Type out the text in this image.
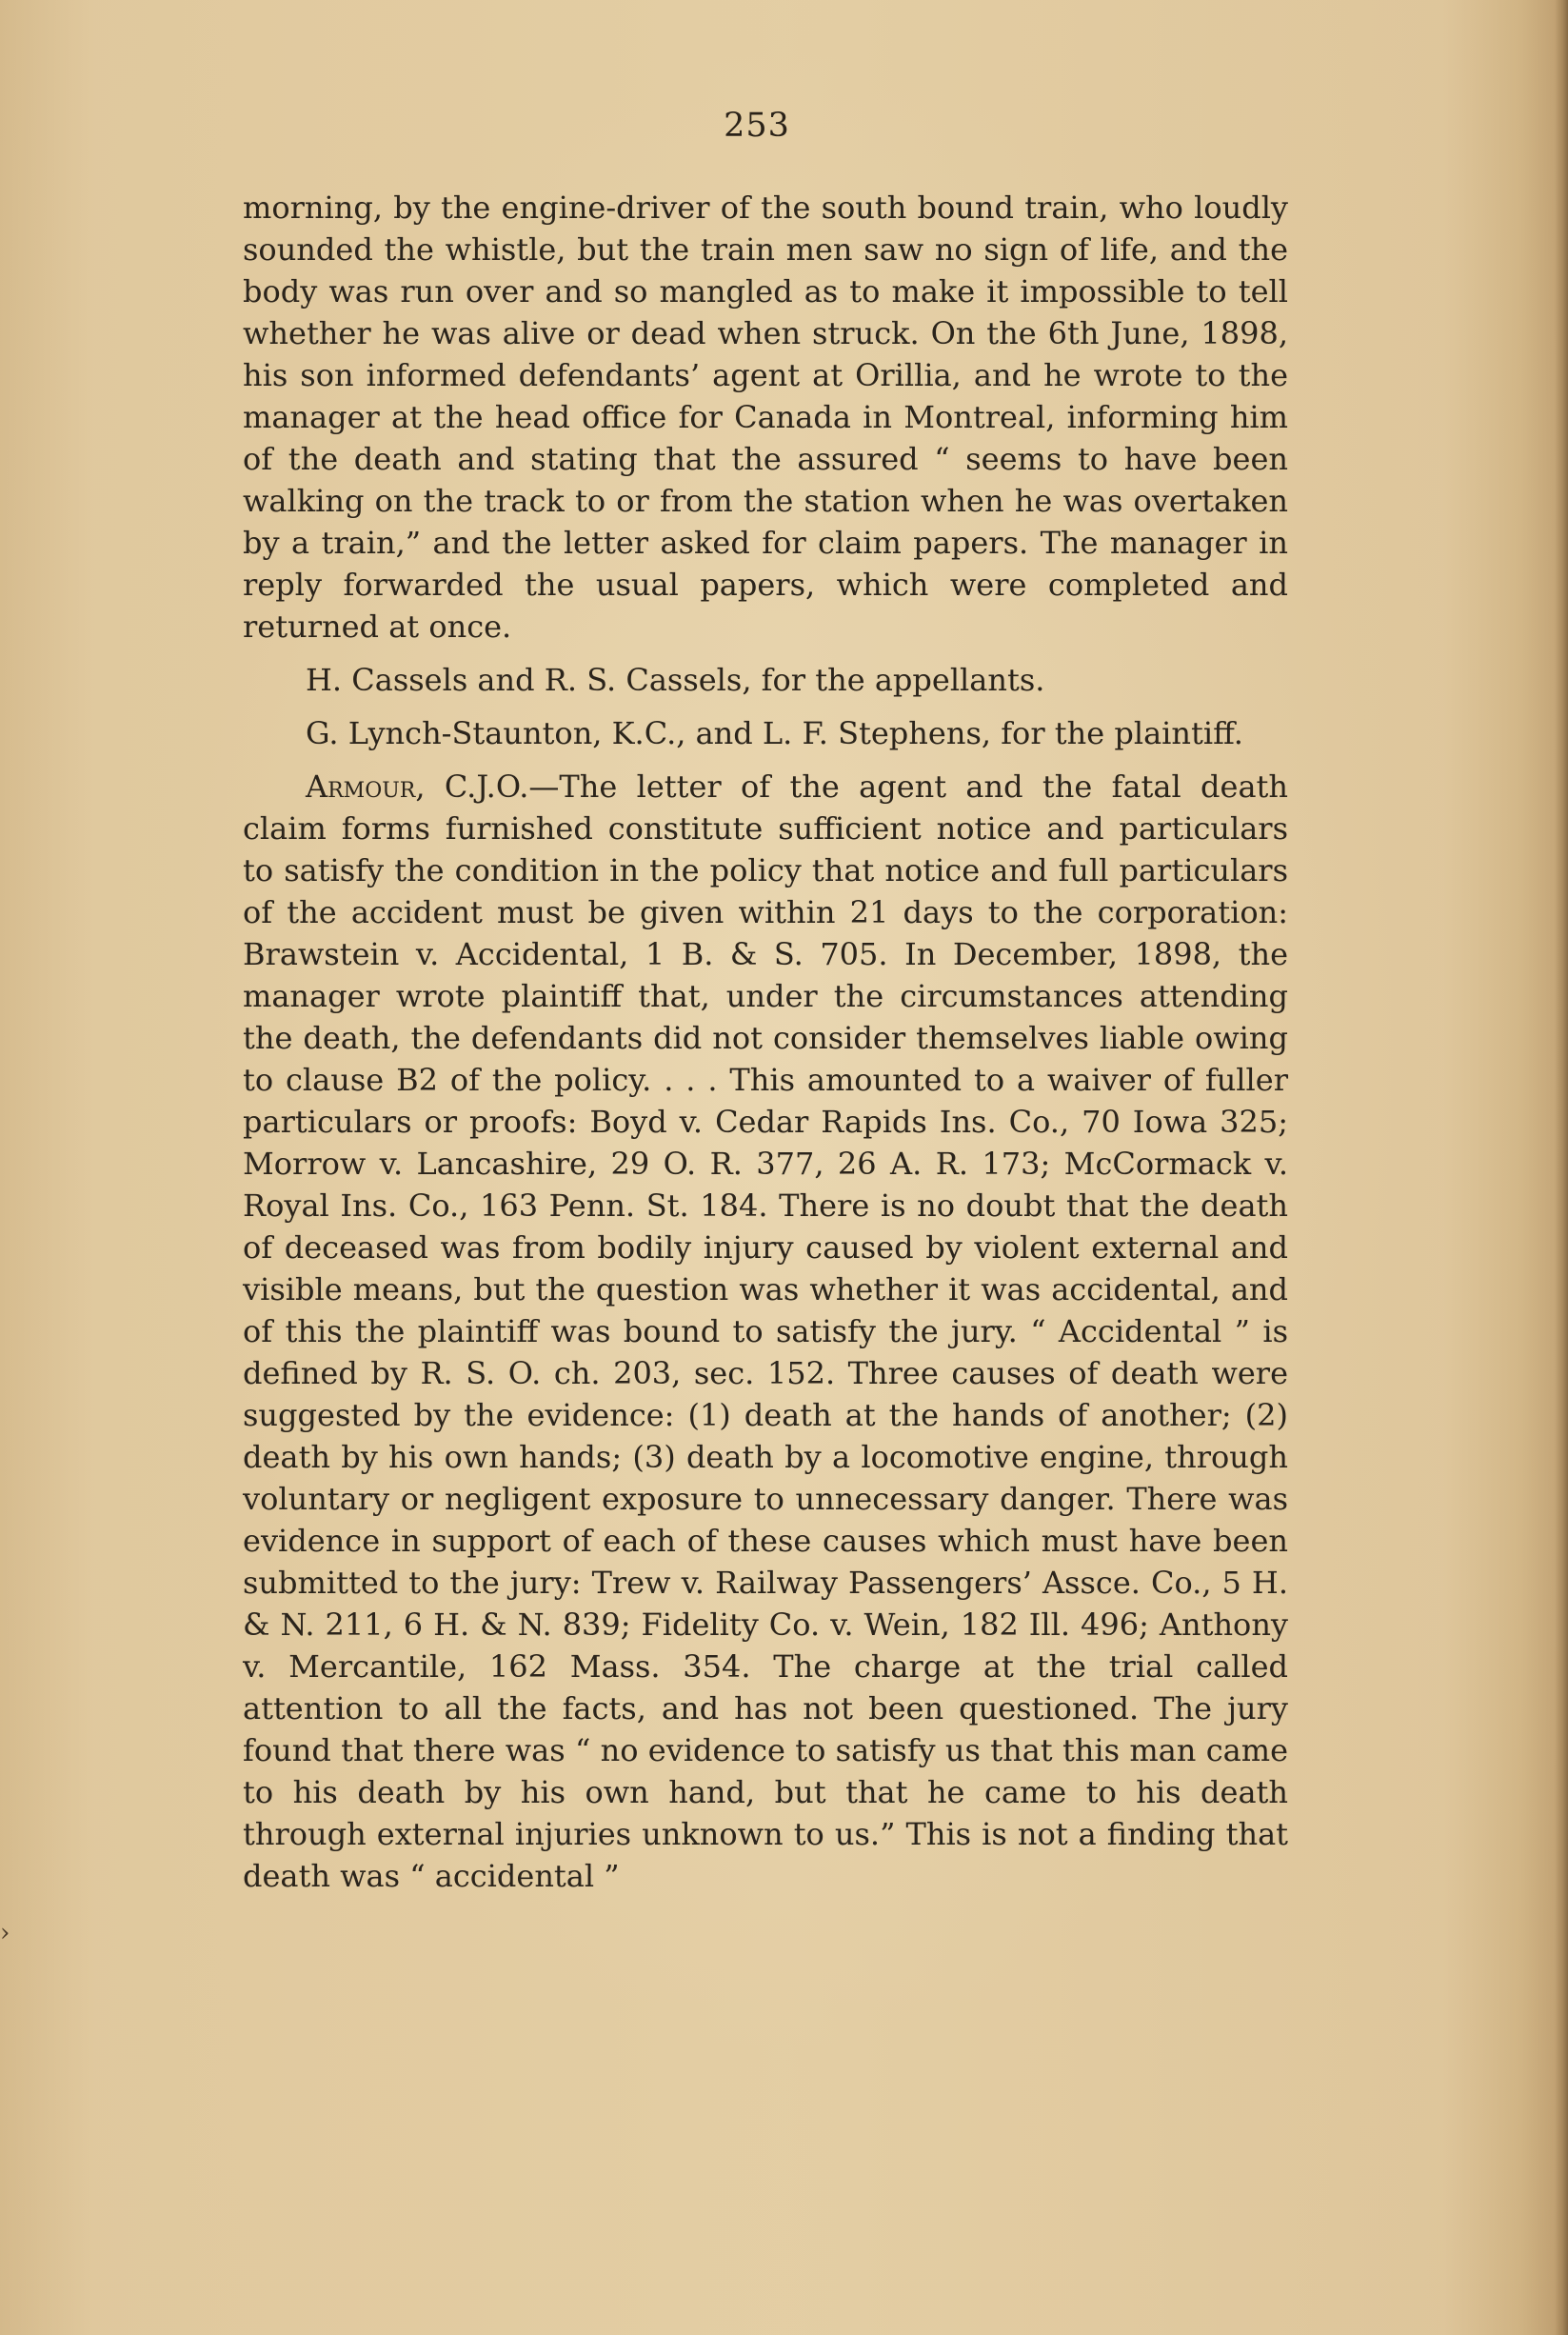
›
253

morning, by the engine-driver of the south bound train, who loudly sounded the whistle, but the train men saw no sign of life, and the body was run over and so mangled as to make it impossible to tell whether he was alive or dead when struck. On the 6th June, 1898, his son informed defendants’ agent at Orillia, and he wrote to the manager at the head office for Canada in Montreal, informing him of the death and stating that the assured “ seems to have been walking on the track to or from the station when he was overtaken by a train,” and the letter asked for claim papers. The manager in reply forwarded the usual papers, which were completed and returned at once.

H. Cassels and R. S. Cassels, for the appellants.

G. Lynch-Staunton, K.C., and L. F. Stephens, for the plaintiff.

Armour, C.J.O.—The letter of the agent and the fatal death claim forms furnished constitute sufficient notice and particulars to satisfy the condition in the policy that notice and full particulars of the accident must be given within 21 days to the corporation: Brawstein v. Accidental, 1 B. & S. 705. In December, 1898, the manager wrote plaintiff that, under the circumstances attending the death, the defendants did not consider themselves liable owing to clause B2 of the policy. . . . This amounted to a waiver of fuller particulars or proofs: Boyd v. Cedar Rapids Ins. Co., 70 Iowa 325; Morrow v. Lancashire, 29 O. R. 377, 26 A. R. 173; McCormack v. Royal Ins. Co., 163 Penn. St. 184. There is no doubt that the death of deceased was from bodily injury caused by violent external and visible means, but the question was whether it was accidental, and of this the plaintiff was bound to satisfy the jury. “ Accidental ” is defined by R. S. O. ch. 203, sec. 152. Three causes of death were suggested by the evidence: (1) death at the hands of another; (2) death by his own hands; (3) death by a locomotive engine, through voluntary or negligent exposure to unnecessary danger. There was evidence in support of each of these causes which must have been submitted to the jury: Trew v. Railway Passengers’ Assce. Co., 5 H. & N. 211, 6 H. & N. 839; Fidelity Co. v. Wein, 182 Ill. 496; Anthony v. Mercantile, 162 Mass. 354. The charge at the trial called attention to all the facts, and has not been questioned. The jury found that there was “ no evidence to satisfy us that this man came to his death by his own hand, but that he came to his death through external injuries unknown to us.” This is not a finding that death was “ accidental ”
